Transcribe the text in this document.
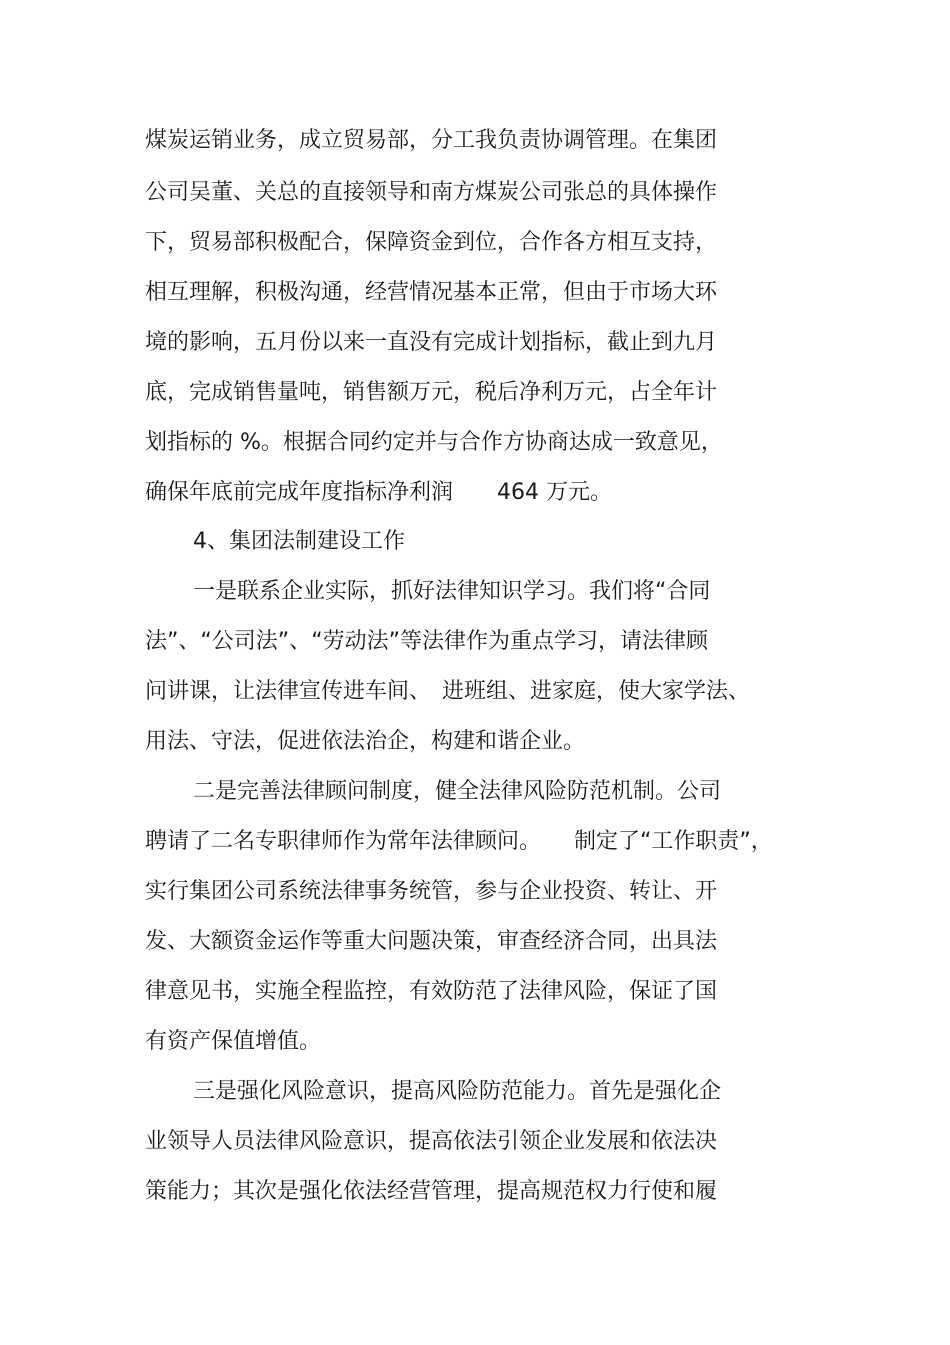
煤炭运销业务，成立贸易部，分工我负责协调管理。在集团

公司吴董、关总的直接领导和南方煤炭公司张总的具体操作

下，贸易部积极配合，保障资金到位，合作各方相互支持，

相互理解，积极沟通，经营情况基本正常，但由于市场大环

境的影响，五月份以来一直没有完成计划指标，截止到九月

底，完成销售量吨，销售额万元，税后净利万元，占全年计

划指标的 %。根据合同约定并与合作方协商达成一致意见，

确保年底前完成年度指标净利润　　464 万元。

4、集团法制建设工作

一是联系企业实际，抓好法律知识学习。我们将“合同

法”、“公司法”、“劳动法”等法律作为重点学习，请法律顾

问讲课，让法律宣传进车间、　进班组、进家庭，使大家学法、

用法、守法，促进依法治企，构建和谐企业。

二是完善法律顾问制度，健全法律风险防范机制。公司

聘请了二名专职律师作为常年法律顾问。　　制定了“工作职责”，

实行集团公司系统法律事务统管，参与企业投资、转让、开

发、大额资金运作等重大问题决策，审查经济合同，出具法

律意见书，实施全程监控，有效防范了法律风险，保证了国

有资产保值增值。

三是强化风险意识，提高风险防范能力。首先是强化企

业领导人员法律风险意识，提高依法引领企业发展和依法决

策能力；其次是强化依法经营管理，提高规范权力行使和履
